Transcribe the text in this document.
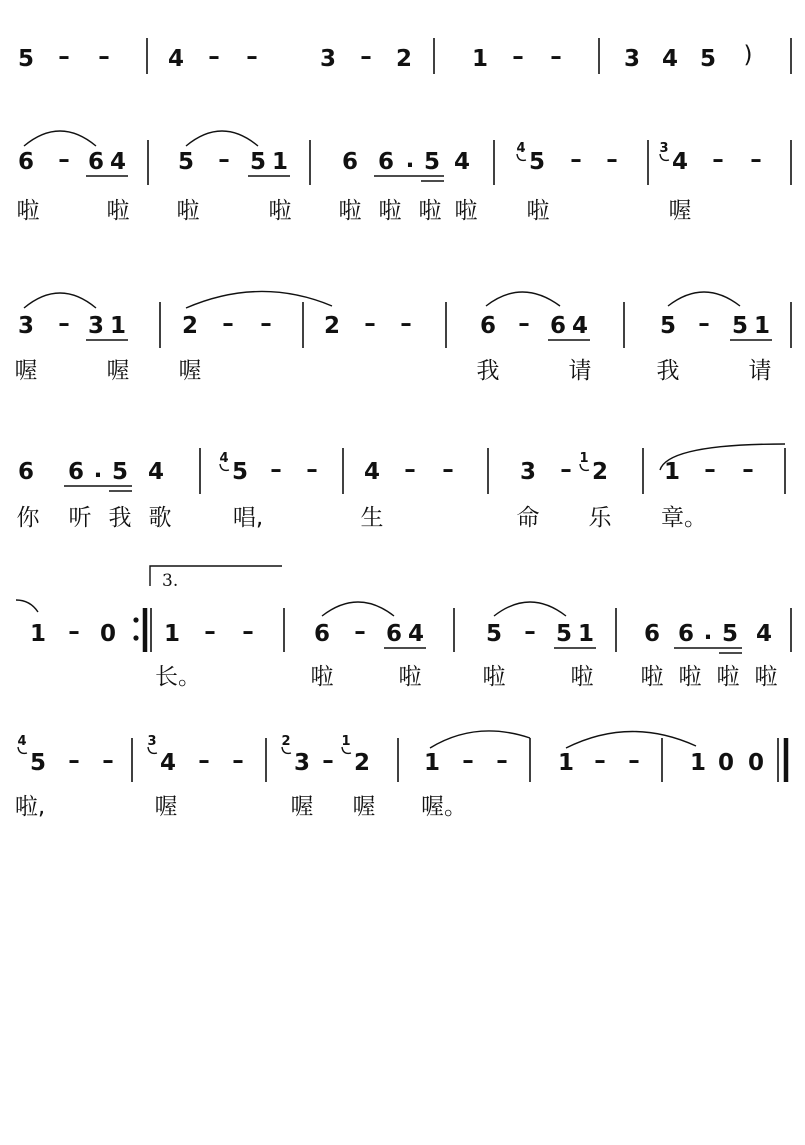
5 – –	4 – –	3 – 2	1 – –	3 4 5 )
6 – 6 4 5 – 5 1 6 6 . 5 4
4
5 – –	3
4 – –
啦	啦 啦	啦 啦 啦 啦 啦 啦	喔
3 – 3 1 2 – – 2 – –	6 – 6 4	5 – 5 1
喔	喔 喔	我	请	我	请
6 6 . 5 4
4
5 – – 4 – –	3 – 1
2 1 – –
你 听 我 歌	唱,	生	命 乐 章。
1 – 0
3.
1 – –	6 – 6 4	5 – 5 1 6 6 . 5 4
长。	啦	啦	啦	啦 啦 啦 啦 啦
4
5 – –
3
4 – –
2
3 –
1
2 1 – – 1 – – 1 0 0
啦,	喔	喔 喔 喔。
